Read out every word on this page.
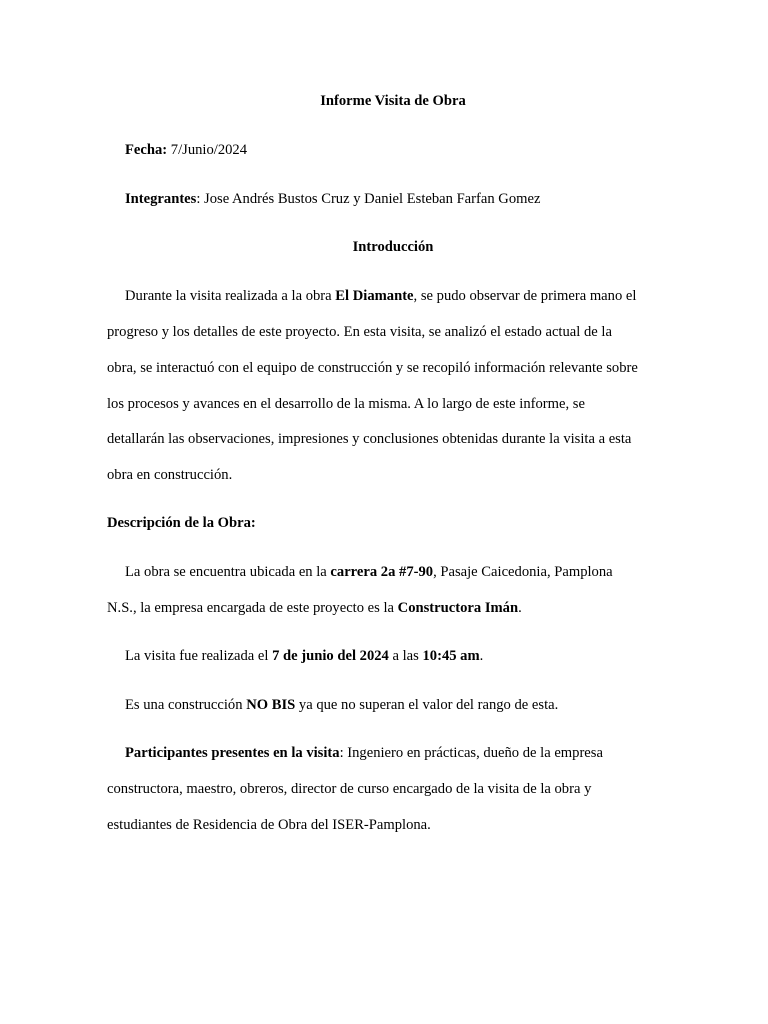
Informe Visita de Obra
Fecha: 7/Junio/2024
Integrantes: Jose Andrés Bustos Cruz y Daniel Esteban Farfan Gomez
Introducción
Durante la visita realizada a la obra El Diamante, se pudo observar de primera mano el
progreso y los detalles de este proyecto. En esta visita, se analizó el estado actual de la
obra, se interactuó con el equipo de construcción y se recopiló información relevante sobre
los procesos y avances en el desarrollo de la misma. A lo largo de este informe, se
detallarán las observaciones, impresiones y conclusiones obtenidas durante la visita a esta
obra en construcción.
Descripción de la Obra:
La obra se encuentra ubicada en la carrera 2a #7-90, Pasaje Caicedonia, Pamplona
N.S., la empresa encargada de este proyecto es la Constructora Imán.
La visita fue realizada el 7 de junio del 2024 a las 10:45 am.
Es una construcción NO BIS ya que no superan el valor del rango de esta.
Participantes presentes en la visita: Ingeniero en prácticas, dueño de la empresa
constructora, maestro, obreros, director de curso encargado de la visita de la obra y
estudiantes de Residencia de Obra del ISER-Pamplona.
